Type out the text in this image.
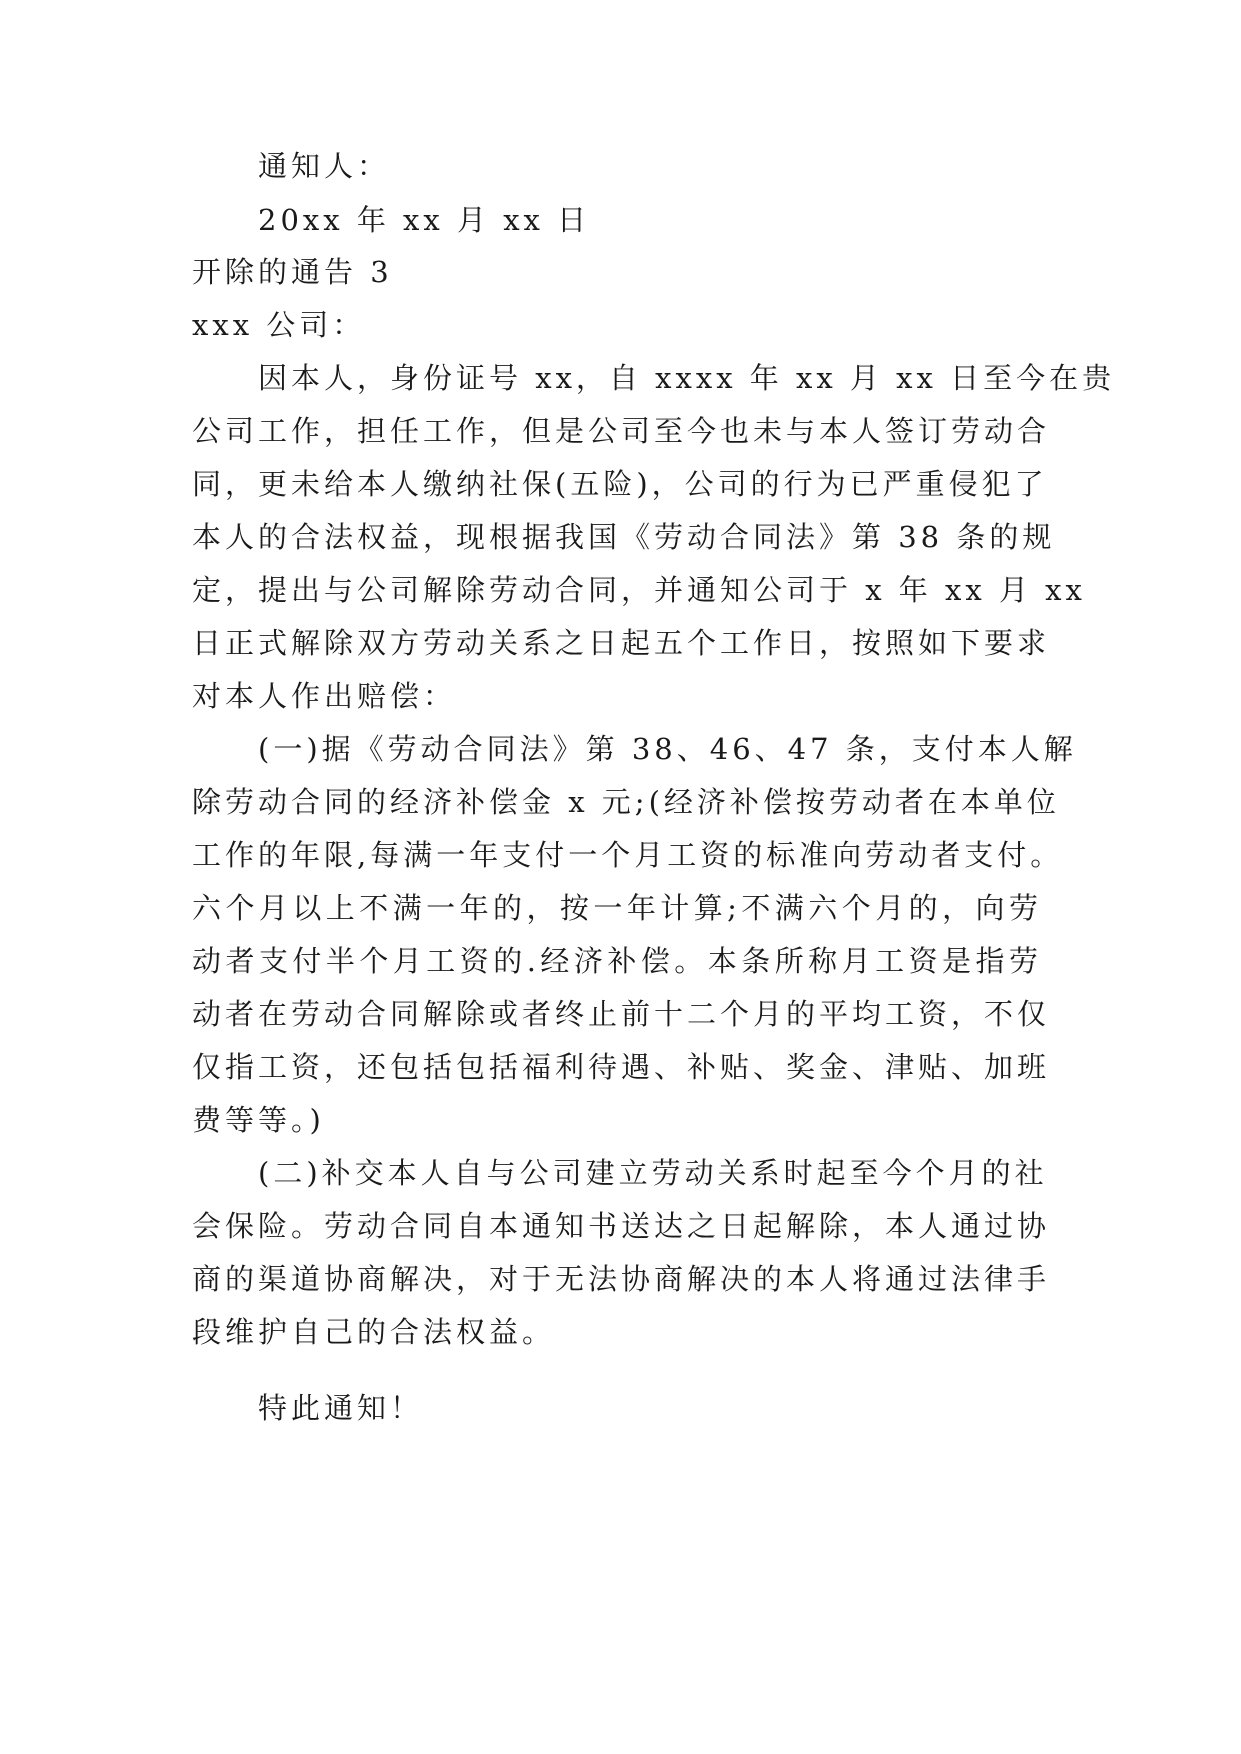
通知人：
20xx 年 xx 月 xx 日
开除的通告 3
xxx 公司：
因本人，身份证号 xx，自 xxxx 年 xx 月 xx 日至今在贵
公司工作，担任工作，但是公司至今也未与本人签订劳动合
同，更未给本人缴纳社保(五险)，公司的行为已严重侵犯了
本人的合法权益，现根据我国《劳动合同法》第 38 条的规
定，提出与公司解除劳动合同，并通知公司于 x 年 xx 月 xx
日正式解除双方劳动关系之日起五个工作日，按照如下要求
对本人作出赔偿：
(一)据《劳动合同法》第 38、46、47 条，支付本人解
除劳动合同的经济补偿金 x 元;(经济补偿按劳动者在本单位
工作的年限,每满一年支付一个月工资的标准向劳动者支付。
六个月以上不满一年的，按一年计算;不满六个月的，向劳
动者支付半个月工资的.经济补偿。本条所称月工资是指劳
动者在劳动合同解除或者终止前十二个月的平均工资，不仅
仅指工资，还包括包括福利待遇、补贴、奖金、津贴、加班
费等等。)
(二)补交本人自与公司建立劳动关系时起至今个月的社
会保险。劳动合同自本通知书送达之日起解除，本人通过协
商的渠道协商解决，对于无法协商解决的本人将通过法律手
段维护自己的合法权益。
特此通知！
